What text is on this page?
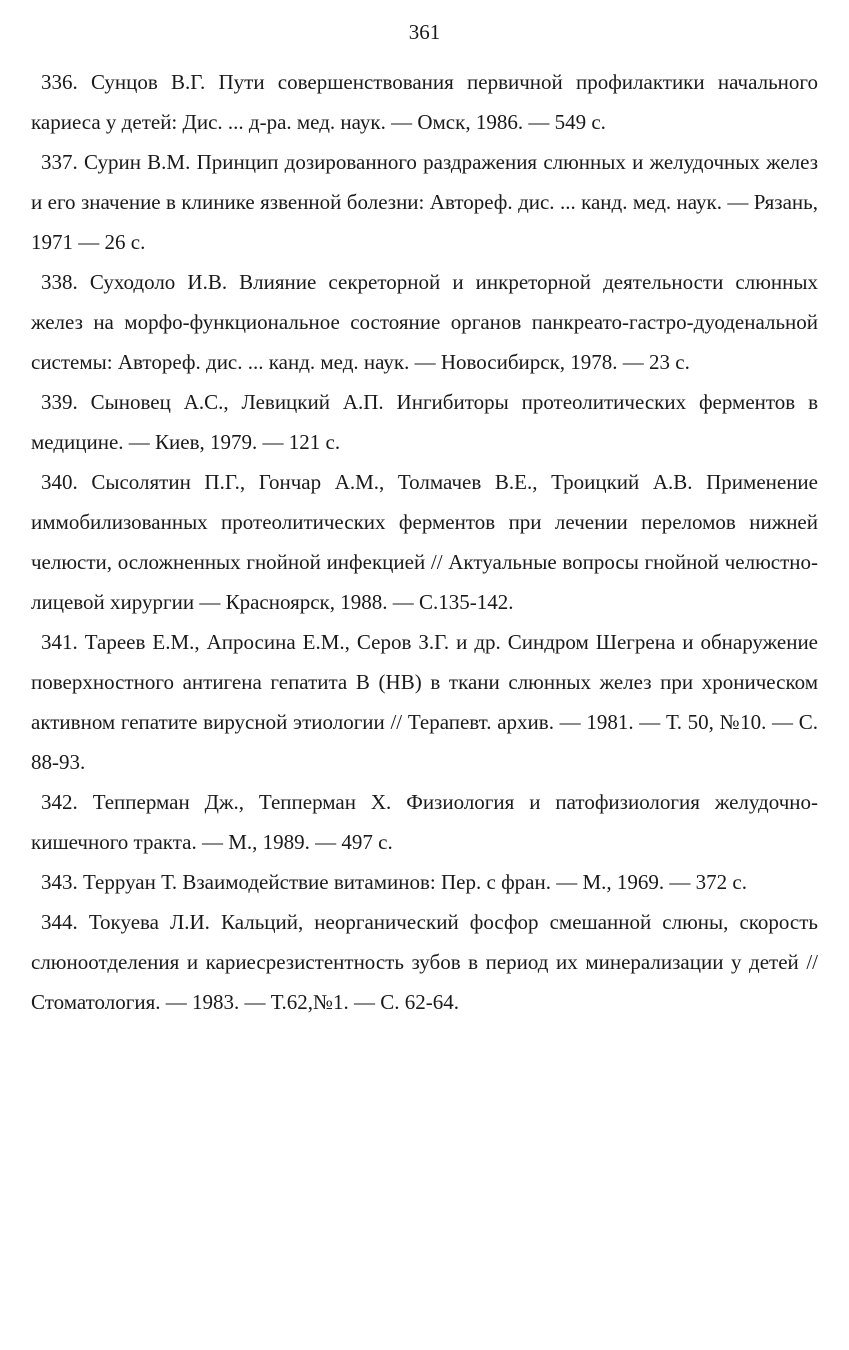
361

336. Сунцов В.Г. Пути совершенствования первичной профилактики начального кариеса у детей: Дис. ... д-ра. мед. наук. — Омск, 1986. — 549 с.

337. Сурин В.М. Принцип дозированного раздражения слюнных и желудочных желез и его значение в клинике язвенной болезни: Автореф. дис. ... канд. мед. наук. — Рязань, 1971 — 26 с.

338. Суходоло И.В. Влияние секреторной и инкреторной деятельности слюнных желез на морфо-функциональное состояние органов панкреато-гастро-дуоденальной системы: Автореф. дис. ... канд. мед. наук. — Новосибирск, 1978. — 23 с.

339. Сыновец А.С., Левицкий А.П. Ингибиторы протеолитических ферментов в медицине. — Киев, 1979. — 121 с.

340. Сысолятин П.Г., Гончар А.М., Толмачев В.Е., Троицкий А.В. Применение иммобилизованных протеолитических ферментов при лечении переломов нижней челюсти, осложненных гнойной инфекцией // Актуальные вопросы гнойной челюстно-лицевой хирургии — Красноярск, 1988. — С.135-142.

341. Тареев Е.М., Апросина Е.М., Серов З.Г. и др. Синдром Шегрена и обнаружение поверхностного антигена гепатита В (НВ) в ткани слюнных желез при хроническом активном гепатите вирусной этиологии // Терапевт. архив. — 1981. — Т. 50, №10. — С. 88-93.

342. Тепперман Дж., Тепперман X. Физиология и патофизиология желудочно-кишечного тракта. — М., 1989. — 497 с.

343. Терруан Т. Взаимодействие витаминов: Пер. с фран. — М., 1969. — 372 с.

344. Токуева Л.И. Кальций, неорганический фосфор смешанной слюны, скорость слюноотделения и кариесрезистентность зубов в период их минерализации у детей // Стоматология. — 1983. — Т.62,№1. — С. 62-64.
